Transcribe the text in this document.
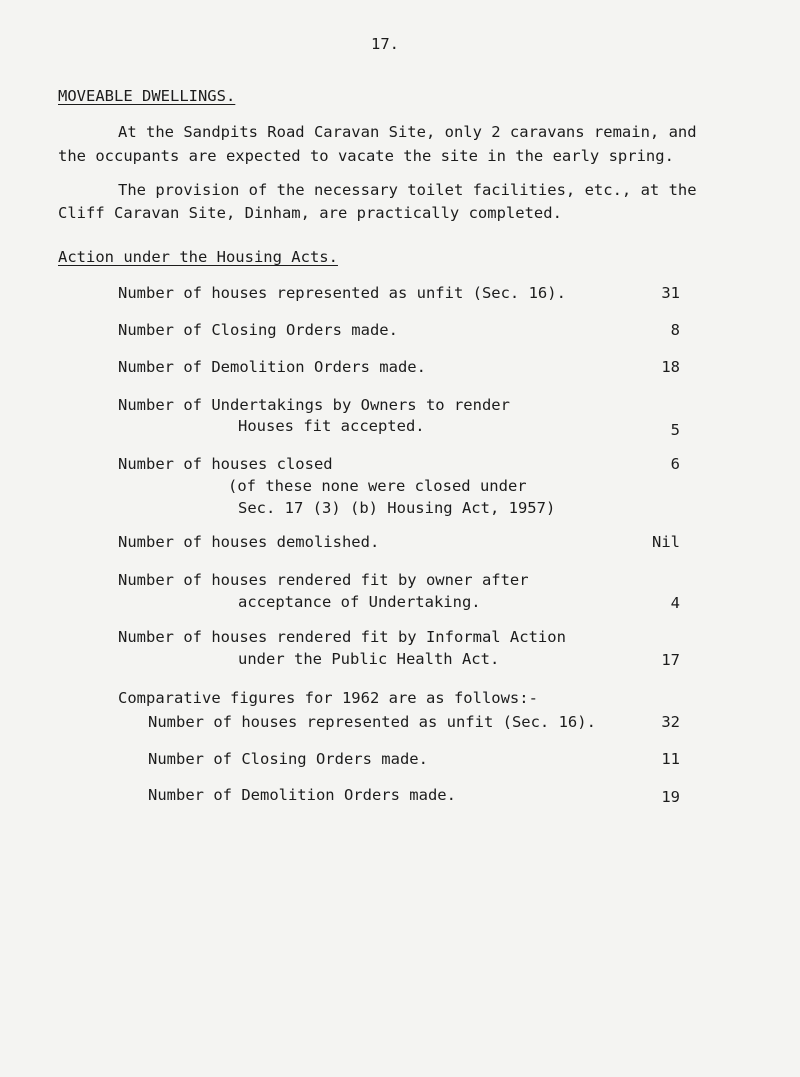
17.
MOVEABLE DWELLINGS.
At the Sandpits Road Caravan Site, only 2 caravans remain, and
the occupants are expected to vacate the site in the early spring.
The provision of the necessary toilet facilities, etc., at the
Cliff Caravan Site, Dinham, are practically completed.
Action under the Housing Acts.
Number of houses represented as unfit (Sec. 16).	31
Number of Closing Orders made.	8
Number of Demolition Orders made.	18
Number of Undertakings by Owners to render
Houses fit accepted.	5
Number of houses closed	6
(of these none were closed under
Sec. 17 (3) (b) Housing Act, 1957)
Number of houses demolished.	Nil
Number of houses rendered fit by owner after
acceptance of Undertaking.	4
Number of houses rendered fit by Informal Action
under the Public Health Act.	17
Comparative figures for 1962 are as follows:-
Number of houses represented as unfit (Sec. 16).	32
Number of Closing Orders made.	11
Number of Demolition Orders made.	19
